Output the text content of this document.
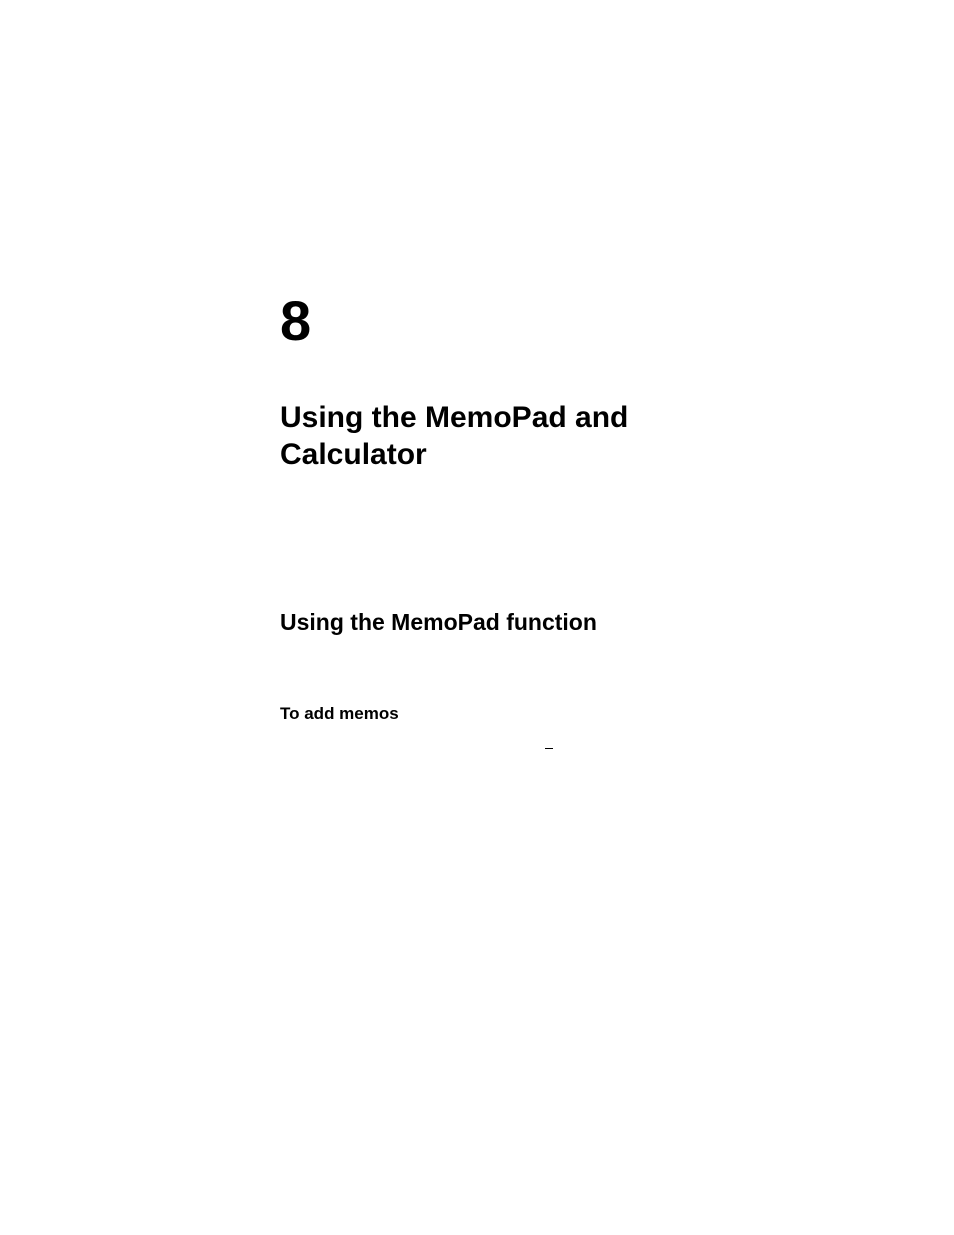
8
Using the MemoPad and Calculator
Using the MemoPad function
To add memos
